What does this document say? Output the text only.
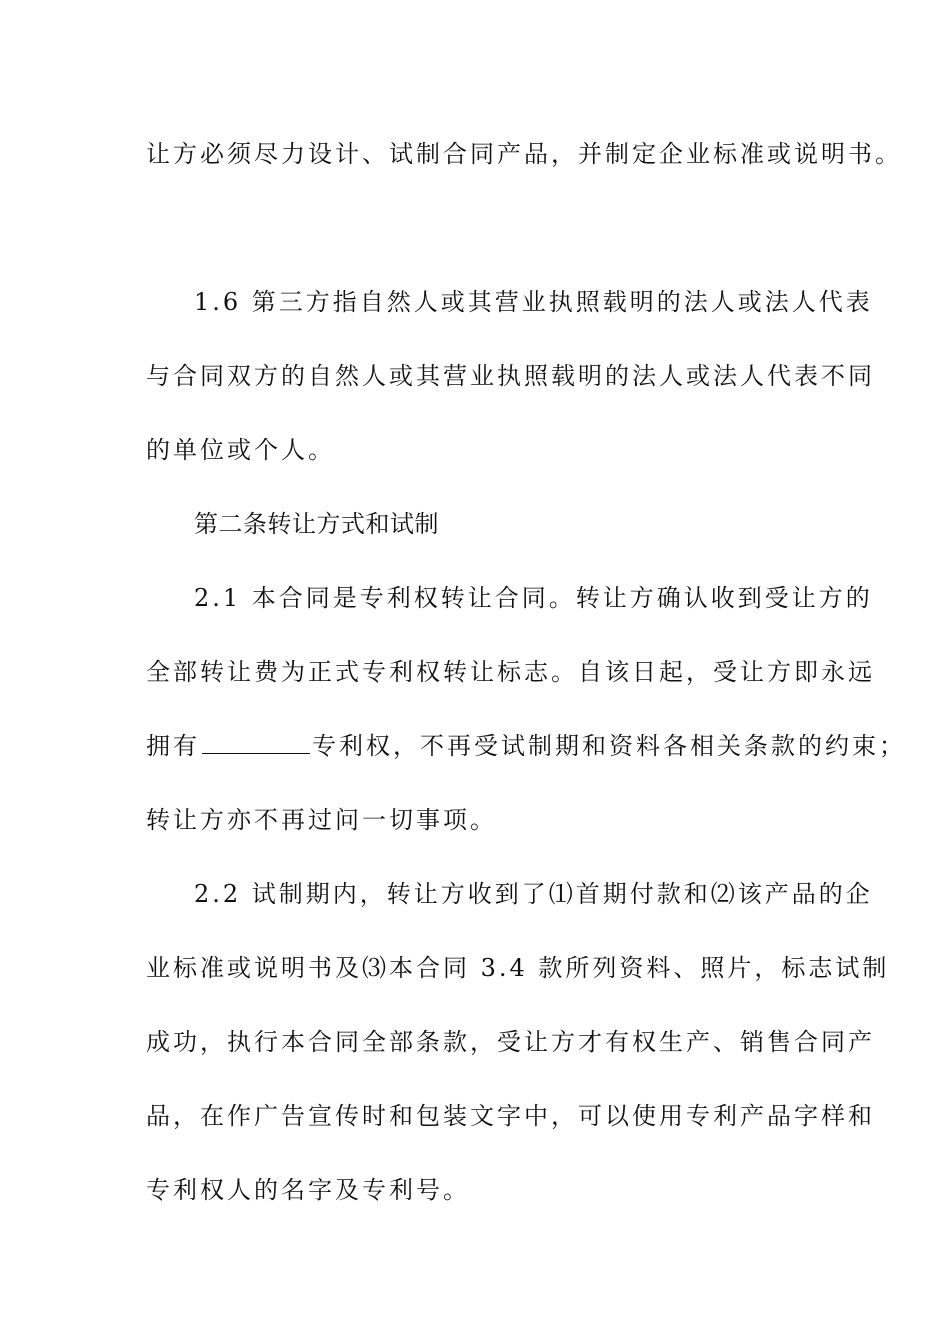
让方必须尽力设计、试制合同产品，并制定企业标准或说明书。
1.6 第三方指自然人或其营业执照载明的法人或法人代表
与合同双方的自然人或其营业执照载明的法人或法人代表不同
的单位或个人。
第二条转让方式和试制
2.1 本合同是专利权转让合同。转让方确认收到受让方的
全部转让费为正式专利权转让标志。自该日起，受让方即永远
拥有	专利权，不再受试制期和资料各相关条款的约束；
转让方亦不再过问一切事项。
2.2 试制期内，转让方收到了⑴首期付款和⑵该产品的企
业标准或说明书及⑶本合同 3.4 款所列资料、照片，标志试制
成功，执行本合同全部条款，受让方才有权生产、销售合同产
品，在作广告宣传时和包装文字中，可以使用专利产品字样和
专利权人的名字及专利号。
